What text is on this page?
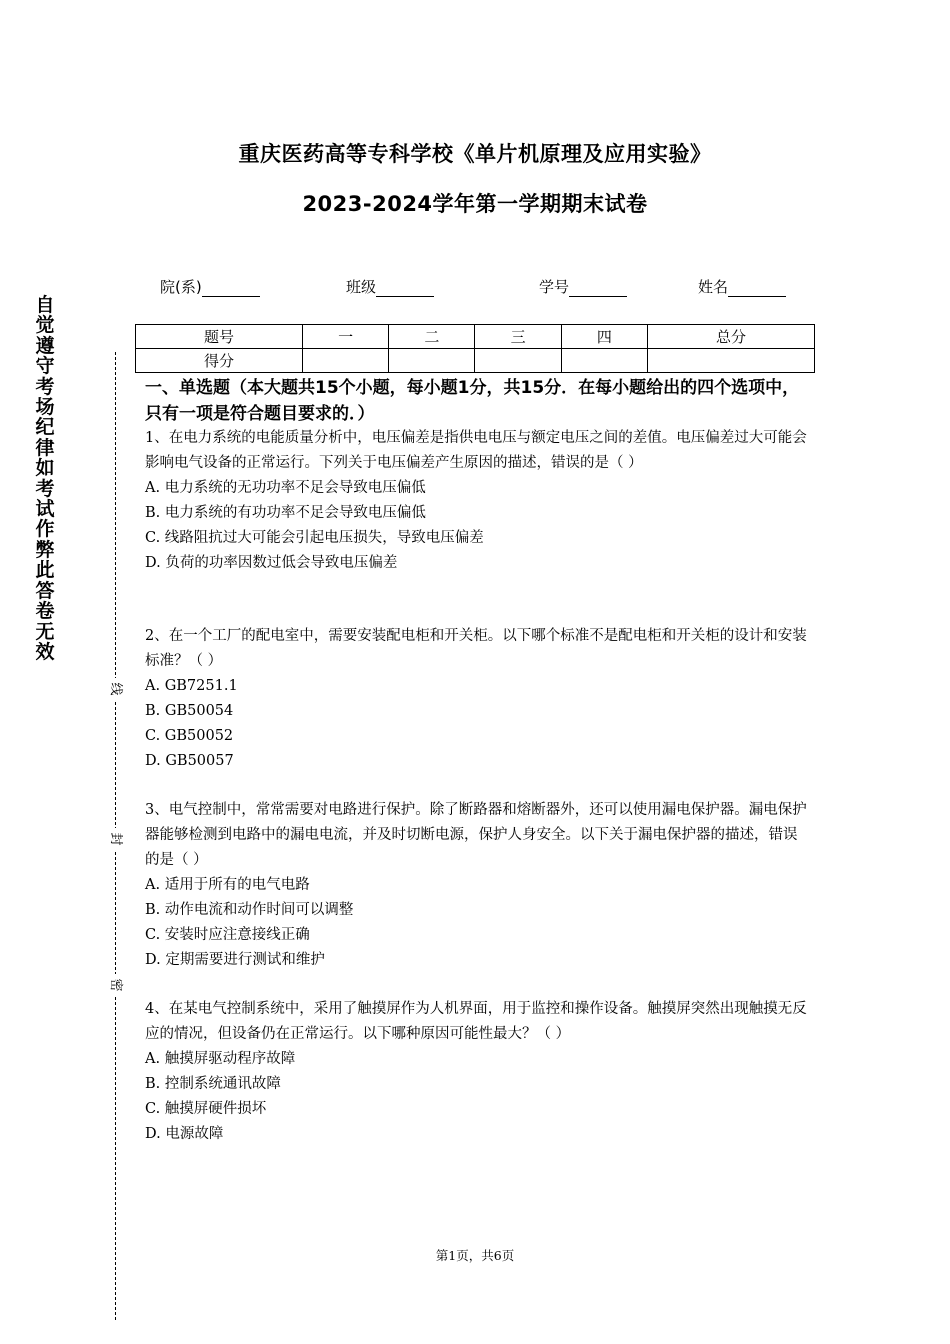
重庆医药高等专科学校《单片机原理及应用实验》
2023-2024学年第一学期期末试卷
院(系)	班级	学号	姓名
题号	一	二	三	四	总分
得分					
一、单选题（本大题共15个小题，每小题1分，共15分．在每小题给出的四个选项中，只有一项是符合题目要求的．）
1、在电力系统的电能质量分析中，电压偏差是指供电电压与额定电压之间的差值。电压偏差过大可能会影响电气设备的正常运行。下列关于电压偏差产生原因的描述，错误的是（ ）
A. 电力系统的无功功率不足会导致电压偏低
B. 电力系统的有功功率不足会导致电压偏低
C. 线路阻抗过大可能会引起电压损失，导致电压偏差
D. 负荷的功率因数过低会导致电压偏差
2、在一个工厂的配电室中，需要安装配电柜和开关柜。以下哪个标准不是配电柜和开关柜的设计和安装标准？（ ）
A. GB7251.1
B. GB50054
C. GB50052
D. GB50057
3、电气控制中，常常需要对电路进行保护。除了断路器和熔断器外，还可以使用漏电保护器。漏电保护器能够检测到电路中的漏电电流，并及时切断电源，保护人身安全。以下关于漏电保护器的描述，错误的是（ ）
A. 适用于所有的电气电路
B. 动作电流和动作时间可以调整
C. 安装时应注意接线正确
D. 定期需要进行测试和维护
4、在某电气控制系统中，采用了触摸屏作为人机界面，用于监控和操作设备。触摸屏突然出现触摸无反应的情况，但设备仍在正常运行。以下哪种原因可能性最大？（ ）
A. 触摸屏驱动程序故障
B. 控制系统通讯故障
C. 触摸屏硬件损坏
D. 电源故障
第1页，共6页
自觉遵守考场纪律如考试作弊此答卷无效
线
封
密
